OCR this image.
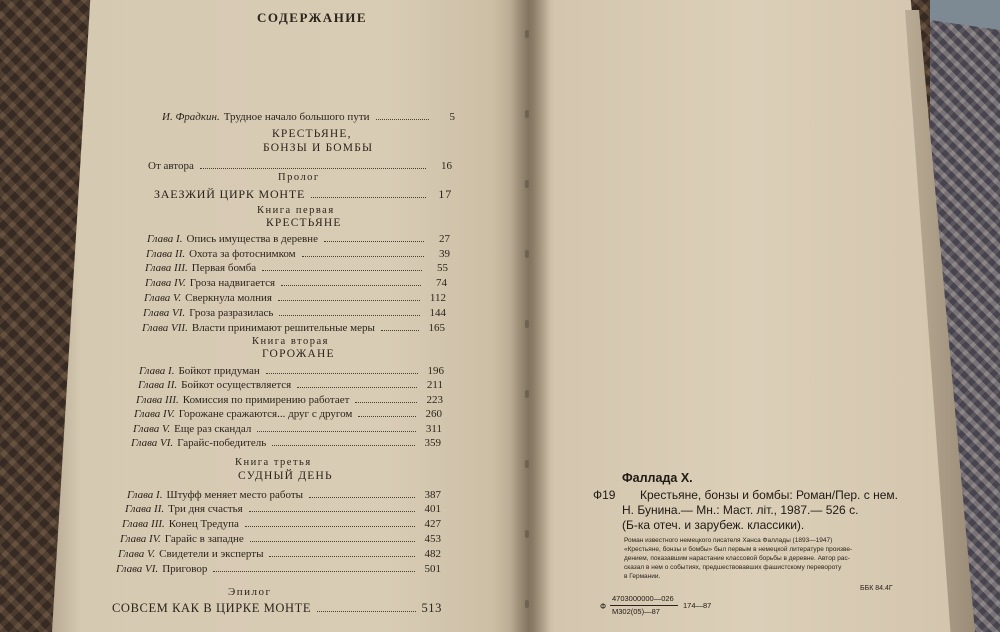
СОДЕРЖАНИЕ
И. Фрадкин. Трудное начало большого пути	5
КРЕСТЬЯНЕ,
БОНЗЫ И БОМБЫ
От автора	16
Пролог
ЗАЕЗЖИЙ ЦИРК МОНТЕ	17
Книга первая
КРЕСТЬЯНЕ
Глава I. Опись имущества в деревне	27
Глава II. Охота за фотоснимком	39
Глава III. Первая бомба	55
Глава IV. Гроза надвигается	74
Глава V. Сверкнула молния	112
Глава VI. Гроза разразилась	144
Глава VII. Власти принимают решительные меры	165
Книга вторая
ГОРОЖАНЕ
Глава I. Бойкот придуман	196
Глава II. Бойкот осуществляется	211
Глава III. Комиссия по примирению работает	223
Глава IV. Горожане сражаются... друг с другом	260
Глава V. Еще раз скандал	311
Глава VI. Гарайс-победитель	359
Книга третья
СУДНЫЙ ДЕНЬ
Глава I. Штуфф меняет место работы	387
Глава II. Три дня счастья	401
Глава III. Конец Тредупа	427
Глава IV. Гарайс в западне	453
Глава V. Свидетели и эксперты	482
Глава VI. Приговор	501
Эпилог
СОВСЕМ КАК В ЦИРКЕ МОНТЕ	513
Фаллада Х.
Ф19 Крестьяне, бонзы и бомбы: Роман/Пер. с нем.
Н. Бунина.— Мн.: Маст. літ., 1987.— 526 с.
(Б-ка отеч. и зарубеж. классики).
Роман известного немецкого писателя Ханса Фаллады (1893—1947)
«Крестьяне, бонзы и бомбы» был первым в немецкой литературе произве-
дением, показавшим нарастание классовой борьбы в деревне. Автор рас-
сказал в нем о событиях, предшествовавших фашистскому перевороту
в Германии.
ББК 84.4Г
Ф
4703000000—026
М302(05)—87
174—87
